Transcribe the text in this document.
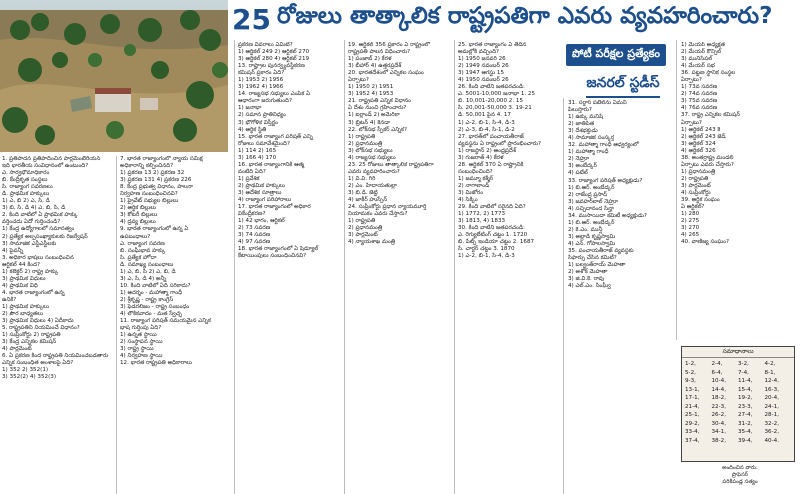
25 రోజులు తాత్కాలిక రాష్ట్రపతిగా ఎవరు వ్యవహరించారు?
1. ప్రతిపాదన ప్రతిపాదించిన పార్లమెంటేరియన్
ఇది భారతీయ సంవిధానంలో ఉంటుంది?
ఎ. సార్వభౌమాధికారం
బి. కేంద్రీకృత సంస్థలు
సి. రాజ్యాంగ సవరణలు
డి. ప్రాథమిక హక్కులు
1) ఎ, బి 2) ఎ, సి, డి
3) బి, సి, డి 4) ఎ, బి, సి, డి
2. కింది వాటిలో ఏ ప్రాథమిక హక్కు
వర్తించదు ఏదో గుర్తించండి?
1) కేంద్ర ఉద్యోగాలలో సమానత్వం
2) ప్రత్యేక అల్పసంఖ్యాకులకు రిజర్వేషన్
3) సామాజిక ఎస్టీఎస్టీలకు
4) పైవన్నీ
3. అధికార భాషలు సంబంధించిన
ఆర్టికల్ 44 కింద?
1) కలెక్టర్ 2) రాష్ట్ర హక్కు
3) ప్రాథమిక విధులు
4) ప్రాథమిక విధి
4. భారత రాజ్యాంగంలో ఉన్న
ఉనికి?
1) ప్రాథమిక హక్కులు
2) పౌర బాధ్యతలు
3) ప్రాథమిక విధులు 4) ఏదీకాదు
5. రాష్ట్రపతిని నియమించే విధానం?
1) సుప్రీంకోర్టు 2) రాష్ట్రపతి
3) కేంద్ర ఎన్నికల కమిషన్
4) పార్లమెంట్
6. ఏ ప్రకరణ కింద రాష్ట్రపతి నియమించబడతారు
ఎన్నిక సంబంధిత అంశాలపై ఏది?
1) 352 2) 352(1)
3) 352(2) 4) 352(3)
7. భారత రాజ్యాంగంలో న్యాయ సమీక్ష
అధికారాన్ని కల్పించినది?
1) ప్రకరణ 13 2) ప్రకరణ 32
3) ప్రకరణ 131 4) ప్రకరణ 226
8. కేంద్ర ప్రభుత్వ విధానం, పాలనా
నిర్వహణ సంబంధించినవి?
1) ప్రైవేట్ సభ్యుల బిల్లులు
2) ఆర్థిక బిల్లులు
3) కోటరీ బిల్లులు
4) ద్రవ్య బిల్లులు
9. భారత రాజ్యాంగంలో ఉన్న ఏ
ఉపబంధాలు?
ఎ. రాజ్యాంగ సవరణ
బి. సంఘీభావ హక్కు
సి. ప్రత్యేక హోదా
డి. సమాఖ్య సంబంధాలు
1) ఎ, బి, సి 2) ఎ, బి, డి
3) ఎ, సి, డి 4) అన్నీ
10. కింది వాటిలో ఏది సరికాదు?
1) ఆదర్శం - మహాత్మా గాంధీ
2) శ్రీకృష్ణ - రాష్ట్ర కాంగ్రెస్
3) ఫెడరలిజం - రాష్ట్ర సంబంధం
4) లౌకికవాదం - మత స్వేచ్ఛ
11. రాజ్యాంగ పరిషత్ సమయమైన ఎన్నిక
భాష గుర్తింపు ఏది?
1) ఉన్నత స్థాయి
2) సంస్థాపన స్థాయి
3) రాష్ట్ర స్థాయి
4) నిర్వహణ స్థాయి
12. భారత రాష్ట్రపతి అధికారాలు
ప్రకరణ వివరాలు ఏమిటి?
1) ఆర్టికల్ 249 2) ఆర్టికల్ 270
3) ఆర్టికల్ 280 4) ఆర్టికల్ 219
13. రాష్ట్రాల పునర్వ్యవస్థీకరణ
కమిషన్ ప్రకారం ఏది?
1) 1953 2) 1956
3) 1962 4) 1966
14. రాజ్యసభ సభ్యులు ఎంపిక ఏ
ఆధారంగా జరుగుతుంది?
1) జనాభా
2) సమాన ప్రాతినిధ్యం
3) భౌగోళిక విస్తీర్ణం
4) ఆర్థిక స్థితి
15. భారత రాజ్యాంగ పరిషత్ ఎన్ని
రోజులు సమావేశమైంది?
1) 114 2) 165
3) 166 4) 170
16. భారత రాజ్యాంగానికి ఆత్మ
వంటిది ఏది?
1) ప్రవేశిక
2) ప్రాథమిక హక్కులు
3) ఆదేశిక సూత్రాలు
4) రాజ్యాంగ పరిహారాలు
17. భారత రాజ్యాంగంలో అధికార
వికేంద్రీకరణ?
1) 42 భాగం, ఆర్టికల్
2) 73 సవరణ
3) 74 సవరణ
4) 97 సవరణ
18. భారత రాజ్యాంగంలో ఏ షెడ్యూల్
కేటాయింపులు సంబంధించినవి?
19. ఆర్టికల్ 356 ప్రకారం ఏ రాష్ట్రంలో
రాష్ట్రపతి పాలన విధించారు?
1) పంజాబ్ 2) కేరళ
3) బీహార్ 4) ఉత్తరప్రదేశ్
20. భారతదేశంలో ఎన్నికల సంఘం
ఏర్పాటు?
1) 1950 2) 1951
3) 1952 4) 1953
21. రాష్ట్రపతి ఎన్నిక విధానం
ఏ దేశం నుంచి గ్రహించారు?
1) ఐర్లాండ్ 2) అమెరికా
3) బ్రిటన్ 4) కెనడా
22. లోక్‌సభ స్పీకర్ ఎన్నిక?
1) రాష్ట్రపతి
2) ప్రధానమంత్రి
3) లోక్‌సభ సభ్యులు
4) రాజ్యసభ సభ్యులు
23. 25 రోజులు తాత్కాలిక రాష్ట్రపతిగా
ఎవరు వ్యవహరించారు?
1) వి.వి. గిరి
2) ఎం. హిదాయతుల్లా
3) బి.డి. జెట్టి
4) జాకీర్ హుస్సేన్
24. సుప్రీంకోర్టు ప్రధాన న్యాయమూర్తి
నియామకం ఎవరు చేస్తారు?
1) రాష్ట్రపతి
2) ప్రధానమంత్రి
3) పార్లమెంట్
4) న్యాయశాఖ మంత్రి
25. భారత రాజ్యాంగం ఏ తేదీన
అమల్లోకి వచ్చింది?
1) 1950 జనవరి 26
2) 1949 నవంబర్ 26
3) 1947 ఆగస్టు 15
4) 1950 నవంబర్ 26
26. కింది వాటిని జతపరచండి:
ఎ. 5001-10,000 జనాభా 1. 25
బి. 10,001-20,000 2. 15
సి. 20,001-50,000 3. 19-21
డి. 50,001 పైన 4. 17
1) ఎ-2, బి-1, సి-4, డి-3
2) ఎ-3, బి-4, సి-1, డి-2
27. భారత్‌లో పంచాయతీరాజ్
వ్యవస్థను ఏ రాష్ట్రంలో ప్రారంభించారు?
1) రాజస్థాన్ 2) ఆంధ్రప్రదేశ్
3) గుజరాత్ 4) కేరళ
28. ఆర్టికల్ 370 ఏ రాష్ట్రానికి
సంబంధించింది?
1) జమ్మూ కశ్మీర్
2) నాగాలాండ్
3) మిజోరం
4) సిక్కిం
29. కింది వాటిలో సరైనది ఏది?
1) 1772, 2) 1773
3) 1813, 4) 1833
30. కింది వాటిని జతపరచండి:
ఎ. రెగ్యులేటింగ్ చట్టం 1. 1720
బి. పిట్స్ ఇండియా చట్టం 2. 1687
సి. చార్టర్ చట్టం 3. 1870
1) ఎ-2, బి-1, సి-4, డి-3
31. సర్దార్ పటేల్‌ను ఏమని
పిలుస్తారు?
1) ఉక్కు మనిషి
2) జాతిపిత
3) దేశభక్తుడు
4) సామాజిక సంస్కర్త
32. మహాత్మా గాంధీ ఆధ్వర్యంలో
1) మహాత్మా గాంధీ
2) నెహ్రూ
3) అంబేద్కర్
4) పటేల్
33. రాజ్యాంగ పరిషత్ అధ్యక్షుడు?
1) బి.ఆర్. అంబేద్కర్
2) రాజేంద్ర ప్రసాద్
3) జవహర్‌లాల్ నెహ్రూ
4) సచ్చిదానంద సిన్హా
34. ముసాయిదా కమిటీ అధ్యక్షుడు?
1) బి.ఆర్. అంబేద్కర్
2) కె.ఎం. మున్షీ
3) అల్లాడి కృష్ణస్వామి
4) ఎన్. గోపాలస్వామి
35. పంచాయతీరాజ్ వ్యవస్థకు
సిఫార్సు చేసిన కమిటీ?
1) బల్వంత్‌రాయ్ మెహతా
2) అశోక్ మెహతా
3) జి.వి.కె. రావు
4) ఎల్.ఎం. సింఘ్వీ
1) మేయర్ అధ్యక్షత
2) మేయర్ కౌన్సిల్
3) మునిసిపల్
4) మేయర్ సభ
36. పట్టణ స్థానిక సంస్థల
ఏర్పాటు?
1) 73వ సవరణ
2) 74వ సవరణ
3) 75వ సవరణ
4) 76వ సవరణ
37. రాష్ట్ర ఎన్నికల కమిషన్
ఏర్పాటు?
1) ఆర్టికల్ 243 కె
2) ఆర్టికల్ 243 జెడ్
3) ఆర్టికల్ 324
4) ఆర్టికల్ 326
38. అంతర్రాష్ట్ర మండలి
ఏర్పాటు ఎవరు చేస్తారు?
1) ప్రధానమంత్రి
2) రాష్ట్రపతి
3) పార్లమెంట్
4) సుప్రీంకోర్టు
39. ఆర్థిక సంఘం
ఏ ఆర్టికల్?
1) 280
2) 275
3) 270
4) 265
40. వాణిజ్య సంఘం?
పోటీ పరీక్షల ప్రత్యేకం
జనరల్ స్టడీస్
సమాధానాలు
1-2,	2-4,	3-2,	4-2,
5-2,	6-4,	7-4,	8-1,
9-3,	10-4,	11-4,	12-4,
13-1,	14-4,	15-4,	16-3,
17-1,	18-2,	19-2,	20-4,
21-4,	22-3,	23-3,	24-1,
25-1,	26-2,	27-4,	28-1,
29-2,	30-4,	31-2,	32-2,
33-4,	34-1,	35-4,	36-2,
37-4,	38-2,	39-4,	40-4.
అందించిన వారు:
ప్రొఫెసర్
పరికిపండ్ల సత్యం
